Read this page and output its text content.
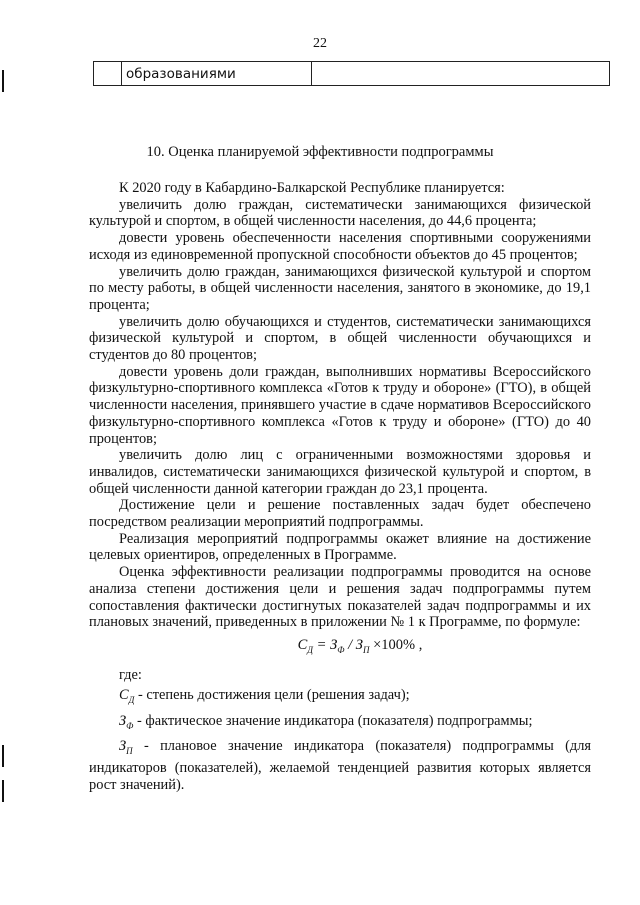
22
образованиями
10. Оценка планируемой эффективности подпрограммы

К 2020 году в Кабардино-Балкарской Республике планируется:

увеличить долю граждан, систематически занимающихся физической культурой и спортом, в общей численности населения, до 44,6 процента;

довести уровень обеспеченности населения спортивными сооружениями исходя из единовременной пропускной способности объектов до 45 процентов;

увеличить долю граждан, занимающихся физической культурой и спортом по месту работы, в общей численности населения, занятого в экономике, до 19,1 процента;

увеличить долю обучающихся и студентов, систематически занимающихся физической культурой и спортом, в общей численности обучающихся и студентов до 80 процентов;

довести уровень доли граждан, выполнивших нормативы Всероссийского физкультурно-спортивного комплекса «Готов к труду и обороне» (ГТО), в общей численности населения, принявшего участие в сдаче нормативов Всероссийского физкультурно-спортивного комплекса «Готов к труду и обороне» (ГТО) до 40 процентов;

увеличить долю лиц с ограниченными возможностями здоровья и инвалидов, систематически занимающихся физической культурой и спортом, в общей численности данной категории граждан до 23,1 процента.

Достижение цели и решение поставленных задач будет обеспечено посредством реализации мероприятий подпрограммы.

Реализация мероприятий подпрограммы окажет влияние на достижение целевых ориентиров, определенных в Программе.

Оценка эффективности реализации подпрограммы проводится на основе анализа степени достижения цели и решения задач подпрограммы путем сопоставления фактически достигнутых показателей задач подпрограммы и их плановых значений, приведенных в приложении № 1 к Программе, по формуле:

$С_Д = З_Ф / З_П \times 100\%$ ,

где:

$С_Д$ - степень достижения цели (решения задач);
$З_Ф$ - фактическое значение индикатора (показателя) подпрограммы;
$З_П$ - плановое значение индикатора (показателя) подпрограммы (для индикаторов (показателей), желаемой тенденцией развития которых является рост значений).
